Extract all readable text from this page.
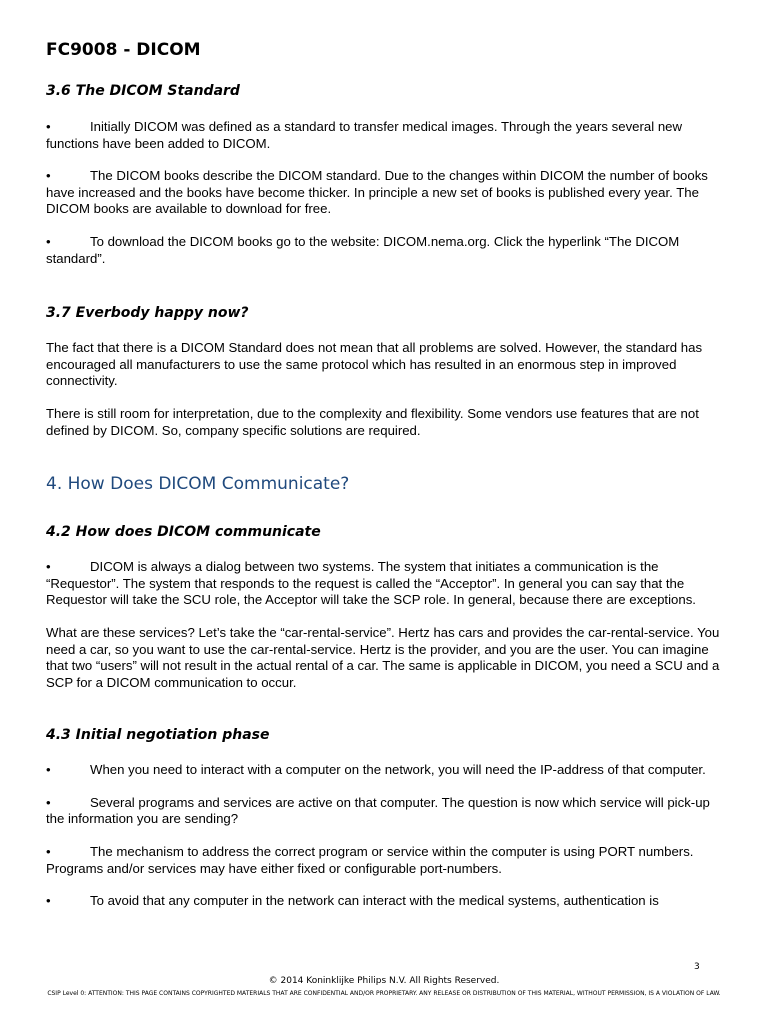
FC9008 - DICOM
3.6 The DICOM Standard

•	Initially DICOM was defined as a standard to transfer medical images. Through the years several new functions have been added to DICOM.

•	The DICOM books describe the DICOM standard. Due to the changes within DICOM the number of books have increased and the books have become thicker. In principle a new set of books is published every year. The DICOM books are available to download for free.

•	To download the DICOM books go to the website: DICOM.nema.org. Click the hyperlink “The DICOM standard”.

3.7 Everbody happy now?

The fact that there is a DICOM Standard does not mean that all problems are solved. However, the standard has encouraged all manufacturers to use the same protocol which has resulted in an enormous step in improved connectivity.

There is still room for interpretation, due to the complexity and flexibility. Some vendors use features that are not defined by DICOM. So, company specific solutions are required.

4. How Does DICOM Communicate?
4.2 How does DICOM communicate

•	DICOM is always a dialog between two systems. The system that initiates a communication is the “Requestor”. The system that responds to the request is called the “Acceptor”. In general you can say that the Requestor will take the SCU role, the Acceptor will take the SCP role. In general, because there are exceptions.

What are these services? Let’s take the “car-rental-service”. Hertz has cars and provides the car-rental-service. You need a car, so you want to use the car-rental-service. Hertz is the provider, and you are the user. You can imagine that two “users” will not result in the actual rental of a car. The same is applicable in DICOM, you need a SCU and a SCP for a DICOM communication to occur.

4.3 Initial negotiation phase

•	When you need to interact with a computer on the network, you will need the IP-address of that computer.

•	Several programs and services are active on that computer. The question is now which service will pick-up the information you are sending?

•	The mechanism to address the correct program or service within the computer is using PORT numbers. Programs and/or services may have either fixed or configurable port-numbers.

•	To avoid that any computer in the network can interact with the medical systems, authentication is

3
© 2014 Koninklijke Philips N.V. All Rights Reserved.
CSIP Level 0: ATTENTION: THIS PAGE CONTAINS COPYRIGHTED MATERIALS THAT ARE CONFIDENTIAL AND/OR PROPRIETARY. ANY RELEASE OR DISTRIBUTION OF THIS MATERIAL, WITHOUT PERMISSION, IS A VIOLATION OF LAW.
